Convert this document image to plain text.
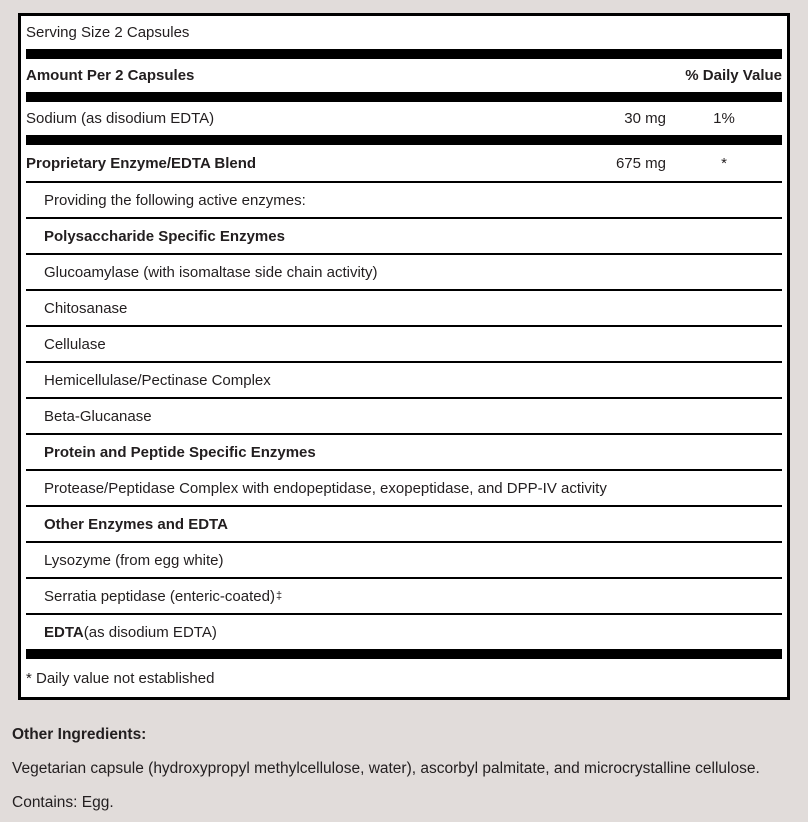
Serving Size 2 Capsules
Amount Per 2 Capsules	% Daily Value
Sodium (as disodium EDTA)	30 mg	1%
Proprietary Enzyme/EDTA Blend	675 mg	*
Providing the following active enzymes:
Polysaccharide Specific Enzymes
Glucoamylase (with isomaltase side chain activity)
Chitosanase
Cellulase
Hemicellulase/Pectinase Complex
Beta-Glucanase
Protein and Peptide Specific Enzymes
Protease/Peptidase Complex with endopeptidase, exopeptidase, and DPP-IV activity
Other Enzymes and EDTA
Lysozyme (from egg white)
Serratia peptidase (enteric-coated) ‡
EDTA (as disodium EDTA)
* Daily value not established
Other Ingredients:
Vegetarian capsule (hydroxypropyl methylcellulose, water), ascorbyl palmitate, and microcrystalline cellulose.
Contains: Egg.
